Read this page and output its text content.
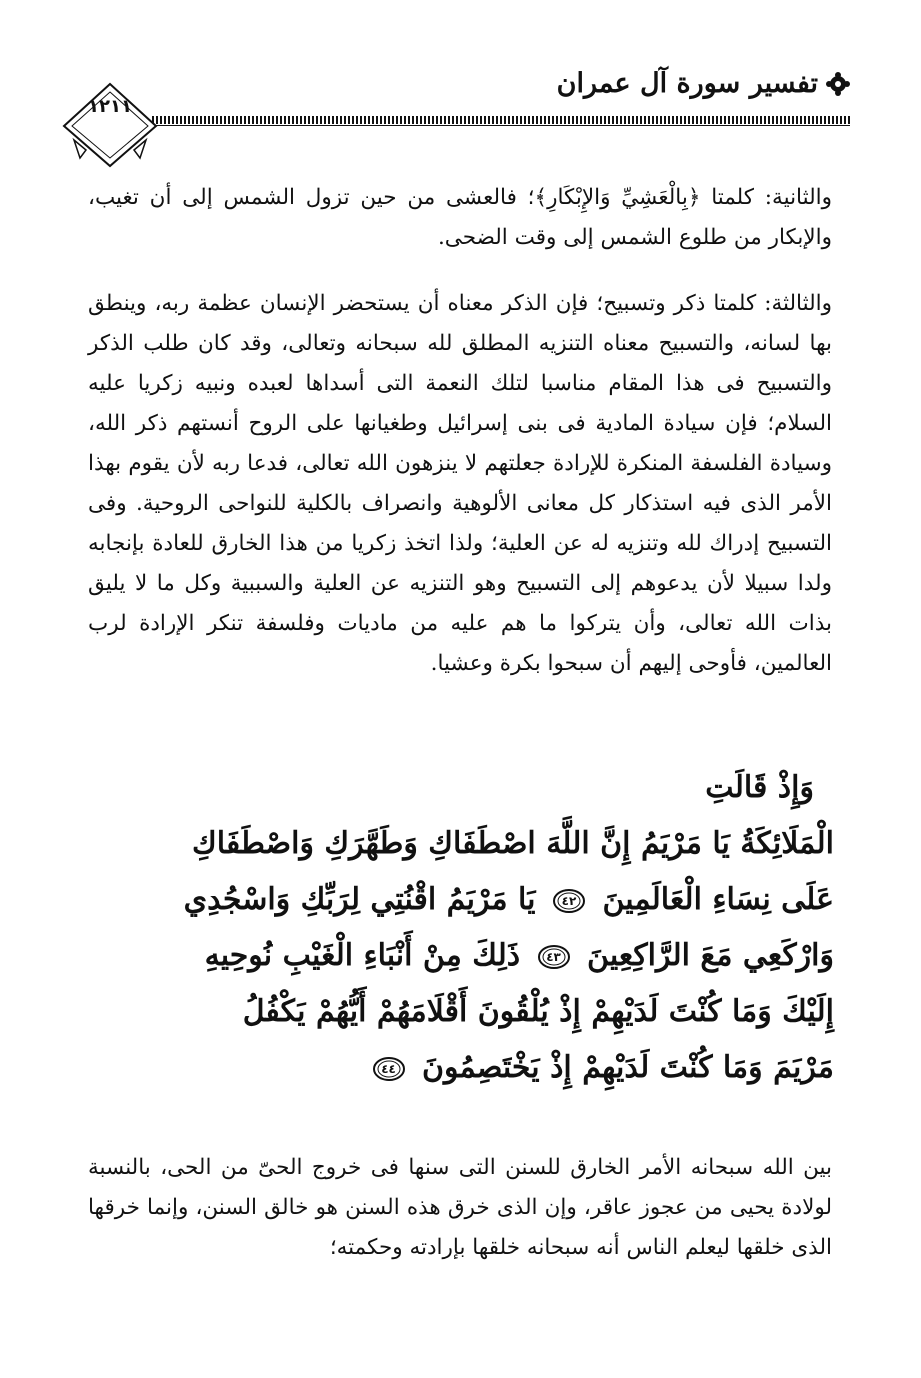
تفسير سورة آل عمران
١٢١١

والثانية: كلمتا ﴿بِالْعَشِيِّ وَالإِبْكَارِ﴾؛ فالعشى من حين تزول الشمس إلى أن تغيب، والإبكار من طلوع الشمس إلى وقت الضحى.

والثالثة: كلمتا ذكر وتسبيح؛ فإن الذكر معناه أن يستحضر الإنسان عظمة ربه، وينطق بها لسانه، والتسبيح معناه التنزيه المطلق لله سبحانه وتعالى، وقد كان طلب الذكر والتسبيح فى هذا المقام مناسبا لتلك النعمة التى أسداها لعبده ونبيه زكريا عليه السلام؛ فإن سيادة المادية فى بنى إسرائيل وطغيانها على الروح أنستهم ذكر الله، وسيادة الفلسفة المنكرة للإرادة جعلتهم لا ينزهون الله تعالى، فدعا ربه لأن يقوم بهذا الأمر الذى فيه استذكار كل معانى الألوهية وانصراف بالكلية للنواحى الروحية. وفى التسبيح إدراك لله وتنزيه له عن العلية؛ ولذا اتخذ زكريا من هذا الخارق للعادة بإنجابه ولدا سبيلا لأن يدعوهم إلى التسبيح وهو التنزيه عن العلية والسببية وكل ما لا يليق بذات الله تعالى، وأن يتركوا ما هم عليه من ماديات وفلسفة تنكر الإرادة لرب العالمين، فأوحى إليهم أن سبحوا بكرة وعشيا.

وَإِذْ قَالَتِ
الْمَلَائِكَةُ يَا مَرْيَمُ إِنَّ اللَّهَ اصْطَفَاكِ وَطَهَّرَكِ وَاصْطَفَاكِ
عَلَى نِسَاءِ الْعَالَمِينَ
٤٢
يَا مَرْيَمُ اقْنُتِي لِرَبِّكِ وَاسْجُدِي
وَارْكَعِي مَعَ الرَّاكِعِينَ
٤٣
ذَلِكَ مِنْ أَنْبَاءِ الْغَيْبِ نُوحِيهِ
إِلَيْكَ وَمَا كُنْتَ لَدَيْهِمْ إِذْ يُلْقُونَ أَقْلَامَهُمْ أَيُّهُمْ يَكْفُلُ
مَرْيَمَ وَمَا كُنْتَ لَدَيْهِمْ إِذْ يَخْتَصِمُونَ
٤٤

بين الله سبحانه الأمر الخارق للسنن التى سنها فى خروج الحىّ من الحى، بالنسبة لولادة يحيى من عجوز عاقر، وإن الذى خرق هذه السنن هو خالق السنن، وإنما خرقها الذى خلقها ليعلم الناس أنه سبحانه خلقها بإرادته وحكمته؛
